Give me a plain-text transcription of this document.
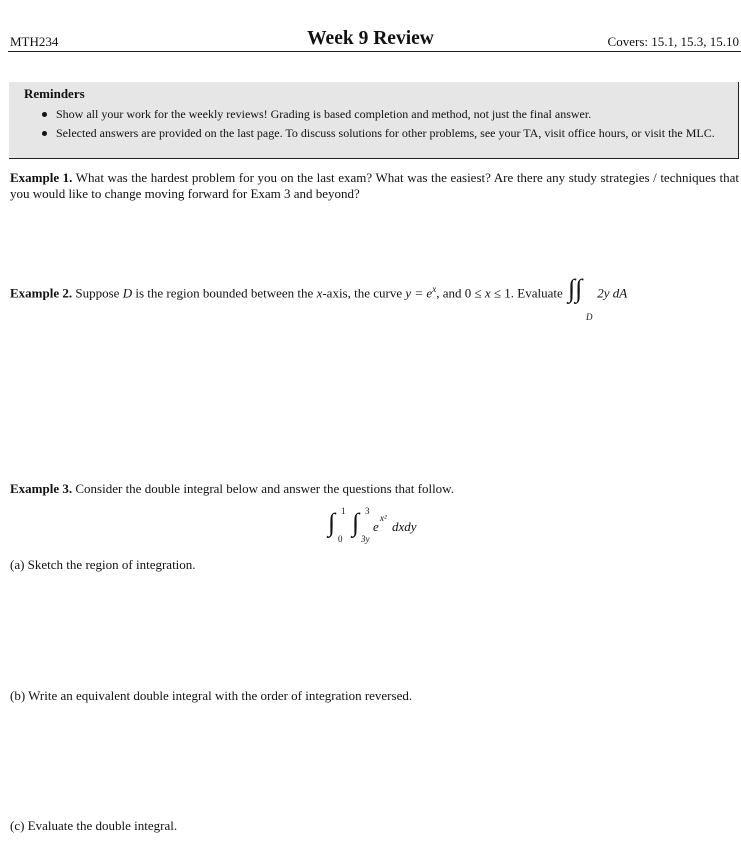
MTH234	Week 9 Review	Covers: 15.1, 15.3, 15.10
Reminders
Show all your work for the weekly reviews! Grading is based completion and method, not just the final answer.
Selected answers are provided on the last page. To discuss solutions for other problems, see your TA, visit office hours, or visit the MLC.
Example 1. What was the hardest problem for you on the last exam? What was the easiest? Are there any study strategies / techniques that you would like to change moving forward for Exam 3 and beyond?
Example 2. Suppose D is the region bounded between the x-axis, the curve $y = e^x$, and 0 ≤ x ≤ 1. Evaluate ∫∫
D
2y dA
Example 3. Consider the double integral below and answer the questions that follow.
∫ 1
0
∫ 3
3y
e
x²
dxdy
(a) Sketch the region of integration.
(b) Write an equivalent double integral with the order of integration reversed.
(c) Evaluate the double integral.
